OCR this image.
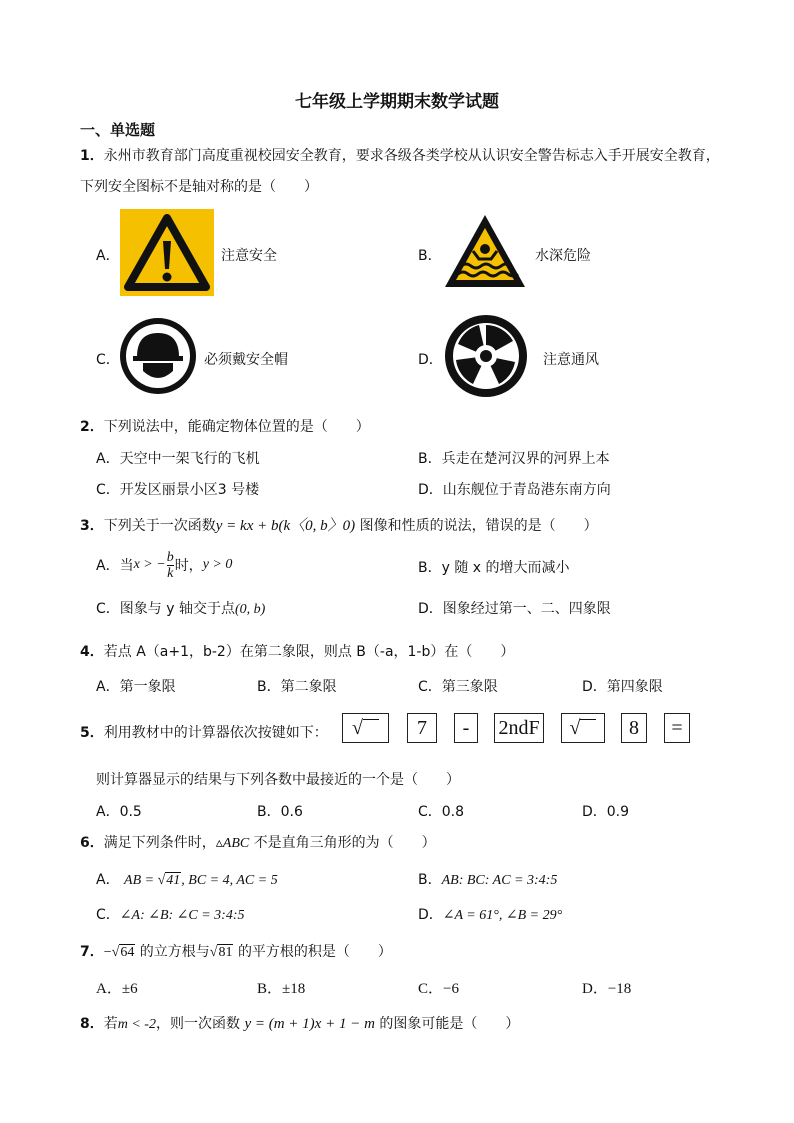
七年级上学期期末数学试题
一、单选题
1．永州市教育部门高度重视校园安全教育，要求各级各类学校从认识安全警告标志入手开展安全教育，
下列安全图标不是轴对称的是（　　）
A．	注意安全	B．	水深危险
C．	必须戴安全帽	D．	注意通风
2．下列说法中，能确定物体位置的是（　　）
A．天空中一架飞行的飞机	B．兵走在楚河汉界的河界上本
C．开发区丽景小区3 号楼	D．山东舰位于青岛港东南方向
3．下列关于一次函数y = kx + b(k〈0, b〉0) 图像和性质的说法，错误的是（　　）
A．当 x > − $\frac{b}{k}$ 时， y > 0	B．y 随 x 的增大而减小
C．图象与 y 轴交于点(0, b)	D．图象经过第一、二、四象限
4．若点 A（a+1，b-2）在第二象限，则点 B（-a，1-b）在（　　）
A．第一象限	B．第二象限	C．第三象限	D．第四象限
5．利用教材中的计算器依次按键如下： √	7	-	2ndF √	8	=
则计算器显示的结果与下列各数中最接近的一个是（　　）
A．0.5	B．0.6	C．0.8	D．0.9
6．满足下列条件时，▵ABC 不是直角三角形的为（　　）
A． AB = √41, BC = 4, AC = 5	B．AB: BC: AC = 3:4:5
C．∠A: ∠B: ∠C = 3:4:5	D．∠A = 61°, ∠B = 29°
7．−√64 的立方根与√81 的平方根的积是（　　）
A．±6	B．±18	C．−6	D．−18
8．若m < -2，则一次函数 y = (m + 1)x + 1 − m 的图象可能是（　　）
